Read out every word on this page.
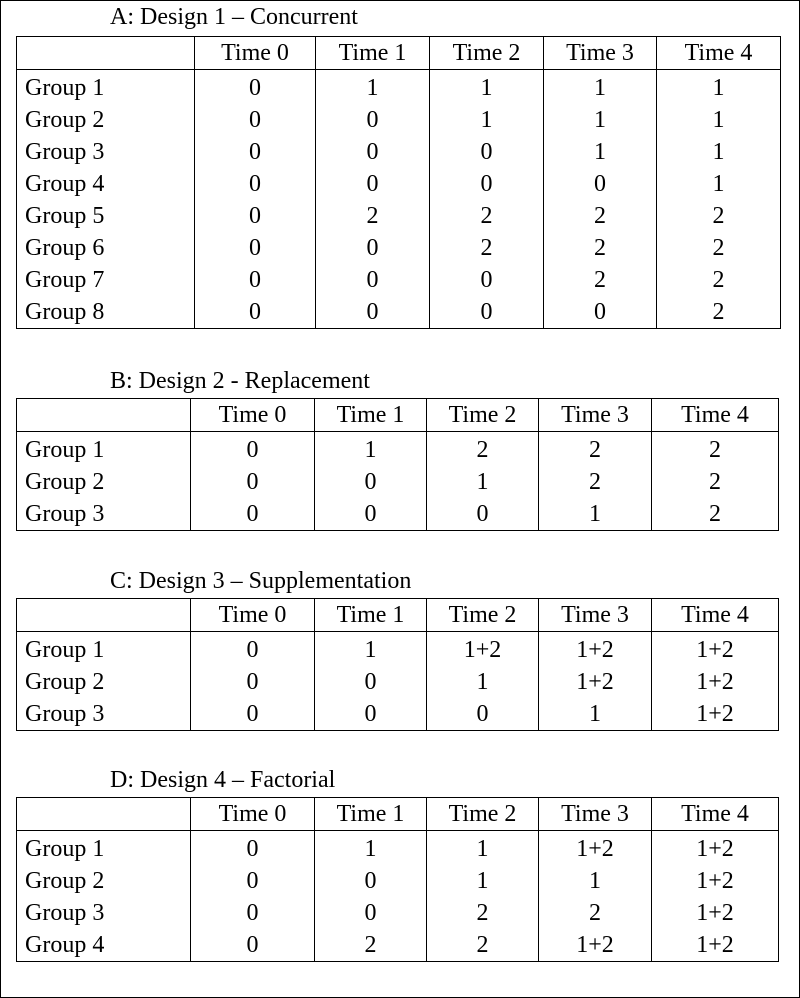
A: Design 1 – Concurrent
	Time 0	Time 1	Time 2	Time 3	Time 4
Group 1	0	1	1	1	1
Group 2	0	0	1	1	1
Group 3	0	0	0	1	1
Group 4	0	0	0	0	1
Group 5	0	2	2	2	2
Group 6	0	0	2	2	2
Group 7	0	0	0	2	2
Group 8	0	0	0	0	2
B: Design 2 - Replacement
	Time 0	Time 1	Time 2	Time 3	Time 4
Group 1	0	1	2	2	2
Group 2	0	0	1	2	2
Group 3	0	0	0	1	2
C: Design 3 – Supplementation
	Time 0	Time 1	Time 2	Time 3	Time 4
Group 1	0	1	1+2	1+2	1+2
Group 2	0	0	1	1+2	1+2
Group 3	0	0	0	1	1+2
D: Design 4 – Factorial
	Time 0	Time 1	Time 2	Time 3	Time 4
Group 1	0	1	1	1+2	1+2
Group 2	0	0	1	1	1+2
Group 3	0	0	2	2	1+2
Group 4	0	2	2	1+2	1+2
